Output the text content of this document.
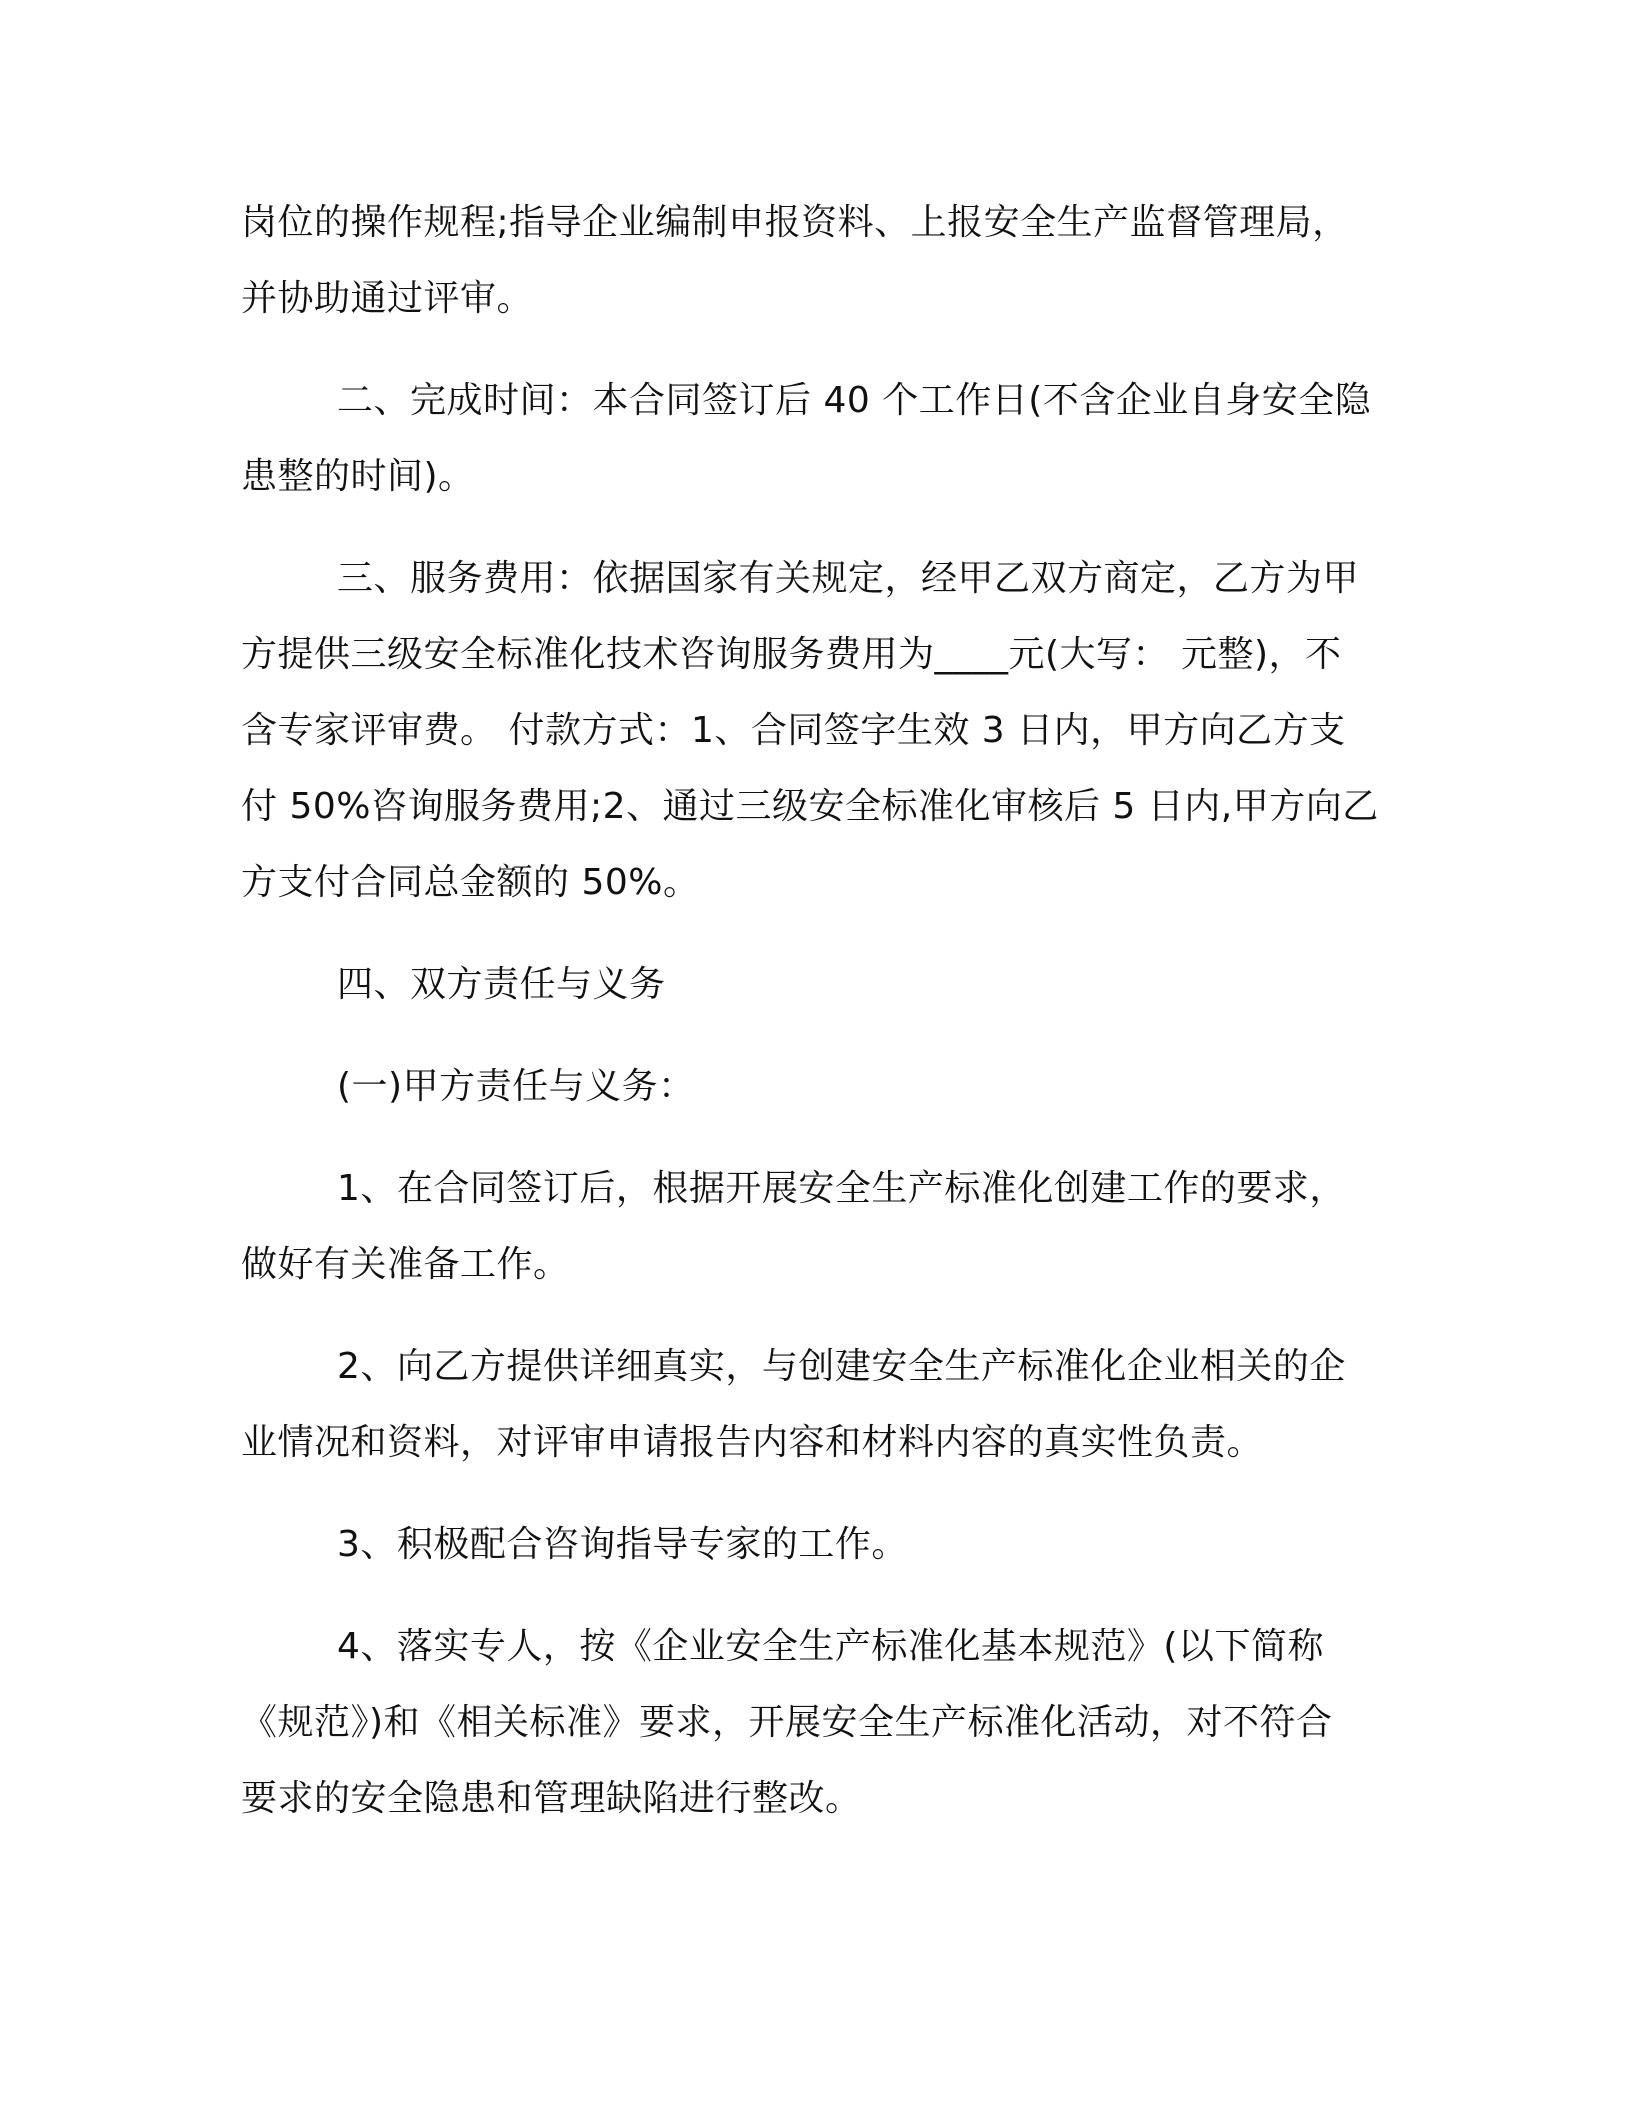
岗位的操作规程;指导企业编制申报资料、上报安全生产监督管理局，
并协助通过评审。

二、完成时间：本合同签订后 40 个工作日(不含企业自身安全隐
患整的时间)。

三、服务费用：依据国家有关规定，经甲乙双方商定，乙方为甲
方提供三级安全标准化技术咨询服务费用为____元(大写： 元整)，不
含专家评审费。 付款方式：1、合同签字生效 3 日内，甲方向乙方支
付 50%咨询服务费用;2、通过三级安全标准化审核后 5 日内,甲方向乙
方支付合同总金额的 50%。

四、双方责任与义务

(一)甲方责任与义务：

1、在合同签订后，根据开展安全生产标准化创建工作的要求，
做好有关准备工作。

2、向乙方提供详细真实，与创建安全生产标准化企业相关的企
业情况和资料，对评审申请报告内容和材料内容的真实性负责。

3、积极配合咨询指导专家的工作。

4、落实专人，按《企业安全生产标准化基本规范》(以下简称
《规范》)和《相关标准》要求，开展安全生产标准化活动，对不符合
要求的安全隐患和管理缺陷进行整改。
